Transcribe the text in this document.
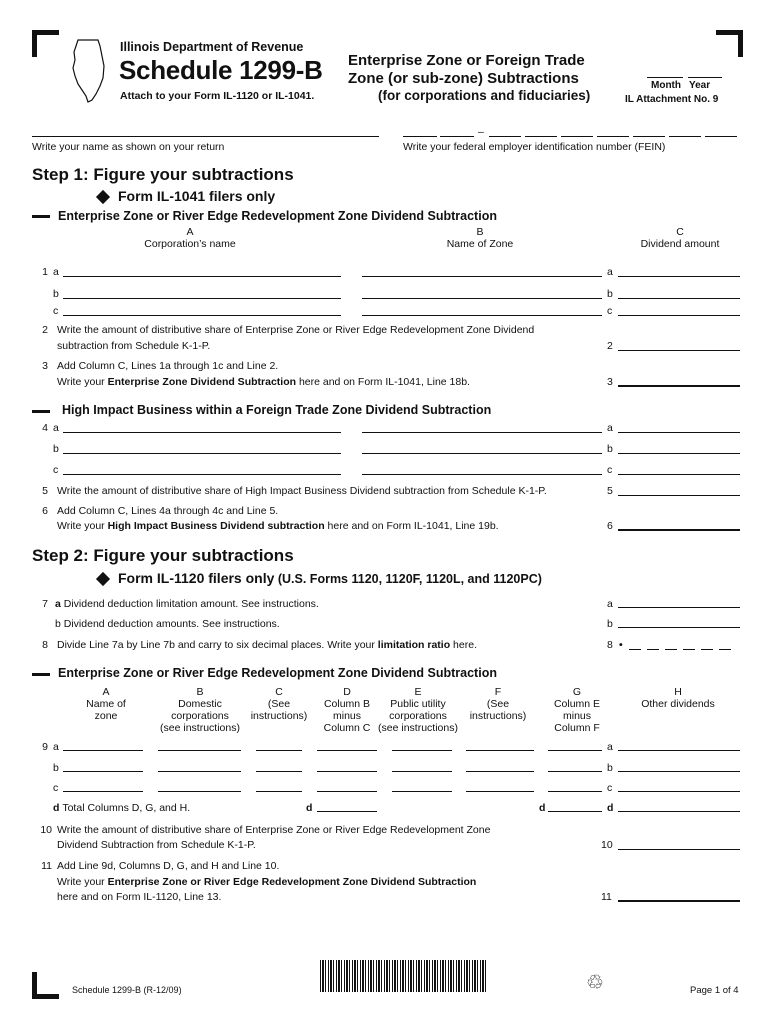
Illinois Department of Revenue
Schedule 1299-B
Attach to your Form IL-1120 or IL-1041.
Enterprise Zone or Foreign Trade
Zone (or sub-zone) Subtractions
(for corporations and fiduciaries)
Month Year
IL Attachment No. 9
Write your name as shown on your return
–
Write your federal employer identification number (FEIN)
Step 1: Figure your subtractions
Form IL-1041 filers only
Enterprise Zone or River Edge Redevelopment Zone Dividend Subtraction
A
Corporation’s name
B
Name of Zone
C
Dividend amount
1 a	a
b	b
c	c
2 Write the amount of distributive share of Enterprise Zone or River Edge Redevelopment Zone Dividend
subtraction from Schedule K-1-P.	2
3 Add Column C, Lines 1a through 1c and Line 2.
Write your Enterprise Zone Dividend Subtraction here and on Form IL-1041, Line 18b.	3
High Impact Business within a Foreign Trade Zone Dividend Subtraction
4 a	a
b	b
c	c
5 Write the amount of distributive share of High Impact Business Dividend subtraction from Schedule K-1-P.	5
6 Add Column C, Lines 4a through 4c and Line 5.
Write your High Impact Business Dividend subtraction here and on Form IL-1041, Line 19b.	6
Step 2: Figure your subtractions
Form IL-1120 filers only (U.S. Forms 1120, 1120F, 1120L, and 1120PC)
7 a Dividend deduction limitation amount. See instructions.	a
b Dividend deduction amounts. See instructions.	b
8 Divide Line 7a by Line 7b and carry to six decimal places. Write your limitation ratio here.	8 •
Enterprise Zone or River Edge Redevelopment Zone Dividend Subtraction
A
Name of
zone
B
Domestic
corporations
(see instructions)
C
(See
instructions)
D
Column B
minus
Column C
E
Public utility
corporations
(see instructions)
F
(See
instructions)
G
Column E
minus
Column F
H
Other dividends
9 a	a
b	b
c	c
d Total Columns D, G, and H.	d	d	d
10 Write the amount of distributive share of Enterprise Zone or River Edge Redevelopment Zone
Dividend Subtraction from Schedule K-1-P.	10
11 Add Line 9d, Columns D, G, and H and Line 10.
Write your Enterprise Zone or River Edge Redevelopment Zone Dividend Subtraction
here and on Form IL-1120, Line 13.	11
Schedule 1299-B (R-12/09)	♲	Page 1 of 4
